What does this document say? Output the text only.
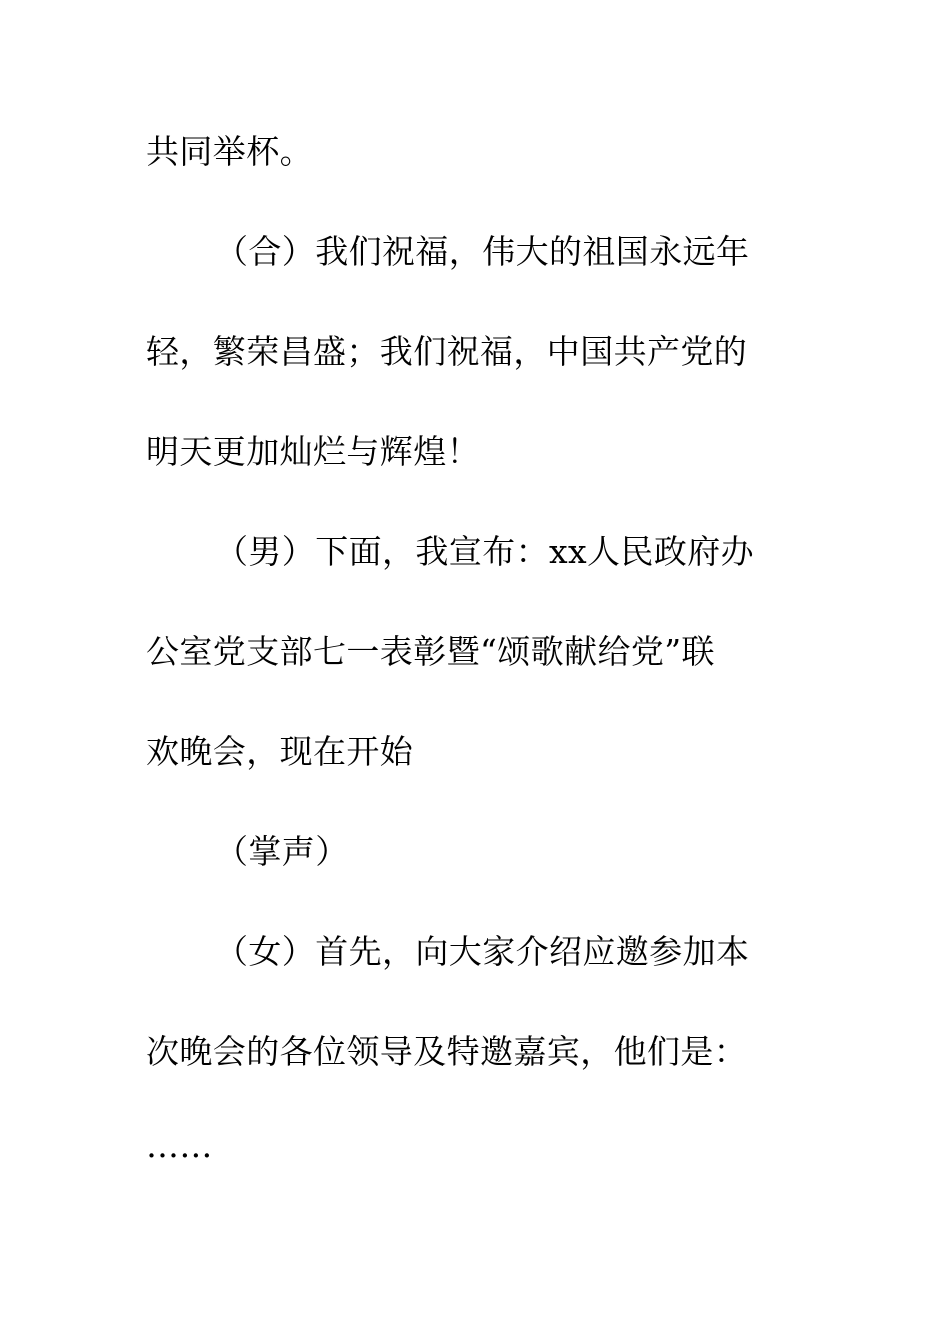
共同举杯。

（合）我们祝福，伟大的祖国永远年

轻，繁荣昌盛；我们祝福，中国共产党的

明天更加灿烂与辉煌！

（男）下面，我宣布：xx人民政府办

公室党支部七一表彰暨“颂歌献给党”联

欢晚会，现在开始

（掌声）

（女）首先，向大家介绍应邀参加本

次晚会的各位领导及特邀嘉宾，他们是：

……
